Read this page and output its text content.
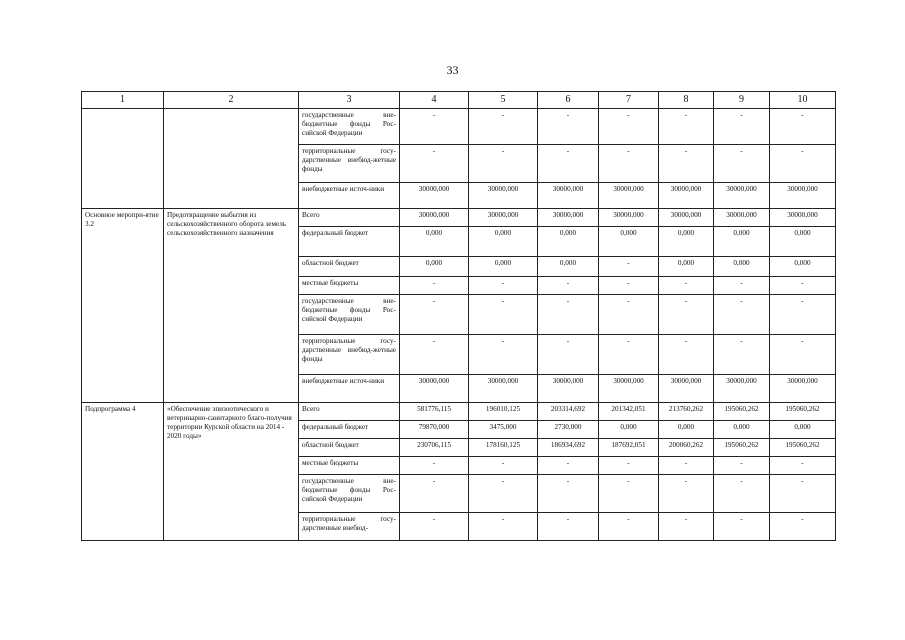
33
1	2	3	4	5	6	7	8	9	10
		государственные вне-бюджетные фонды Рос-сийской Федерации	-	-	-	-	-	-	-
		территориальные госу-дарственные внебюд-жетные фонды	-	-	-	-	-	-	-
		внебюджетные источ-ники	30000,000	30000,000	30000,000	30000,000	30000,000	30000,000	30000,000
Основное меропри-ятие 3.2	Предотвращение выбытия из сельскохозяйственного оборота земель сельскохозяйственного назначения	Всего	30000,000	30000,000	30000,000	30000,000	30000,000	30000,000	30000,000
		федеральный бюджет	0,000	0,000	0,000	0,000	0,000	0,000	0,000
		областной бюджет	0,000	0,000	0,000	-	0,000	0,000	0,000
		местные бюджеты	-	-	-	-	-	-	-
		государственные вне-бюджетные фонды Рос-сийской Федерации	-	-	-	-	-	-	-
		территориальные госу-дарственные внебюд-жетные фонды	-	-	-	-	-	-	-
		внебюджетные источ-ники	30000,000	30000,000	30000,000	30000,000	30000,000	30000,000	30000,000
Подпрограмма 4	«Обеспечение эпизоотического и ветеринарно-санитарного благо-получия территории Курской области на 2014 - 2020 годы»	Всего	581776,115	196010,125	203314,692	201342,051	213760,262	195060,262	195060,262
		федеральный бюджет	79870,000	3475,000	2730,000	0,000	0,000	0,000	0,000
		областной бюджет	230706,115	178160,125	186934,692	187692,051	200060,262	195060,262	195060,262
		местные бюджеты	-	-	-	-	-	-	-
		государственные вне-бюджетные фонды Рос-сийской Федерации	-	-	-	-	-	-	-
		территориальные госу-дарственные внебюд-	-	-	-	-	-	-	-
